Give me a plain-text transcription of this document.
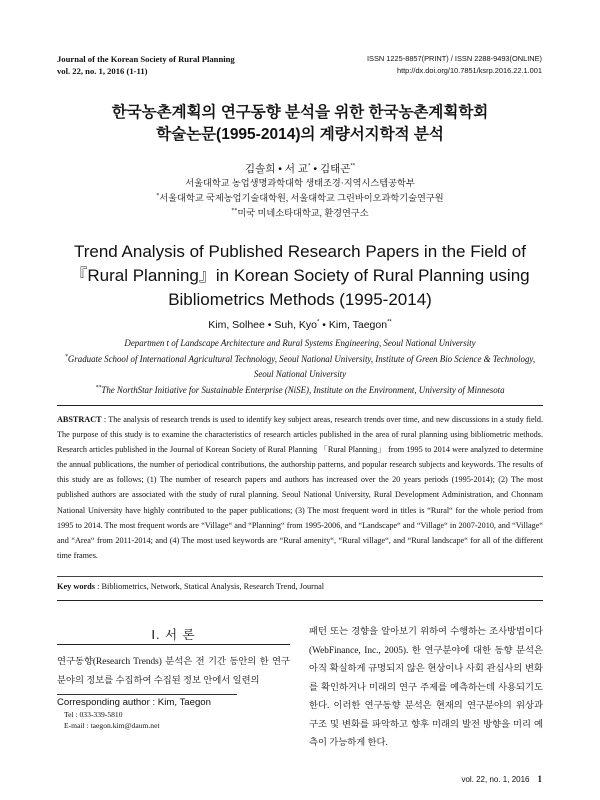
Journal of the Korean Society of Rural Planning
vol. 22, no. 1, 2016 (1-11)
ISSN 1225-8857(PRINT) / ISSN 2288-9493(ONLINE)
http://dx.doi.org/10.7851/ksrp.2016.22.1.001
한국농촌계획의 연구동향 분석을 위한 한국농촌계획학회
학술논문(1995-2014)의 계량서지학적 분석
김솔희 • 서 교* • 김태곤**
서울대학교 농업생명과학대학 생태조경·지역시스템공학부
*서울대학교 국제농업기술대학원, 서울대학교 그린바이오과학기술연구원
**미국 미네소타대학교, 환경연구소
Trend Analysis of Published Research Papers in the Field of
『Rural Planning』in Korean Society of Rural Planning using
Bibliometrics Methods (1995-2014)
Kim, Solhee • Suh, Kyo* • Kim, Taegon**
Departmen t of Landscape Architecture and Rural Systems Engineering, Seoul National University
*Graduate School of International Agricultural Technology, Seoul National University, Institute of Green Bio Science & Technology, Seoul National University
**The NorthStar Initiative for Sustainable Enterprise (NiSE), Institute on the Environment, University of Minnesota
ABSTRACT : The analysis of research trends is used to identify key subject areas, research trends over time, and new discussions in a study field. The purpose of this study is to examine the characteristics of research articles published in the area of rural planning using bibliometric methods. Research articles published in the Journal of Korean Society of Rural Planning 「Rural Planning」 from 1995 to 2014 were analyzed to determine the annual publications, the number of periodical contributions, the authorship patterns, and popular research subjects and keywords. The results of this study are as follows; (1) The number of research papers and authors has increased over the 20 years periods (1995-2014); (2) The most published authors are associated with the study of rural planning. Seoul National University, Rural Development Administration, and Chonnam National University have highly contributed to the paper publications; (3) The most frequent word in titles is “Rural“ for the whole period from 1995 to 2014. The most frequent words are “Village“ and “Planning“ from 1995-2006, and “Landscape“ and “Village“ in 2007-2010, and “Village“ and “Area“ from 2011-2014; and (4) The most used keywords are “Rural amenity“, “Rural village“, and “Rural landscape“ for all of the different time frames.
Key words : Bibliometrics, Network, Statical Analysis, Research Trend, Journal
Ⅰ. 서 론
연구동향(Research Trends) 분석은 전 기간 동안의 한 연구분야의 정보를 수집하여 수집된 정보 안에서 일련의
패턴 또는 경향을 알아보기 위하여 수행하는 조사방법이다(WebFinance, Inc., 2005). 한 연구분야에 대한 동향 분석은 아직 확실하게 규명되지 않은 현상이나 사회 관심사의 변화를 확인하거나 미래의 연구 주제를 예측하는데 사용되기도 한다. 이러한 연구동향 분석은 현재의 연구분야의 위상과 구조 및 변화를 파악하고 향후 미래의 발전 방향을 미리 예측이 가능하게 한다.
Corresponding author : Kim, Taegon
Tel : 033-339-5810
E-mail : taegon.kim@daum.net
vol. 22, no. 1, 2016 1
